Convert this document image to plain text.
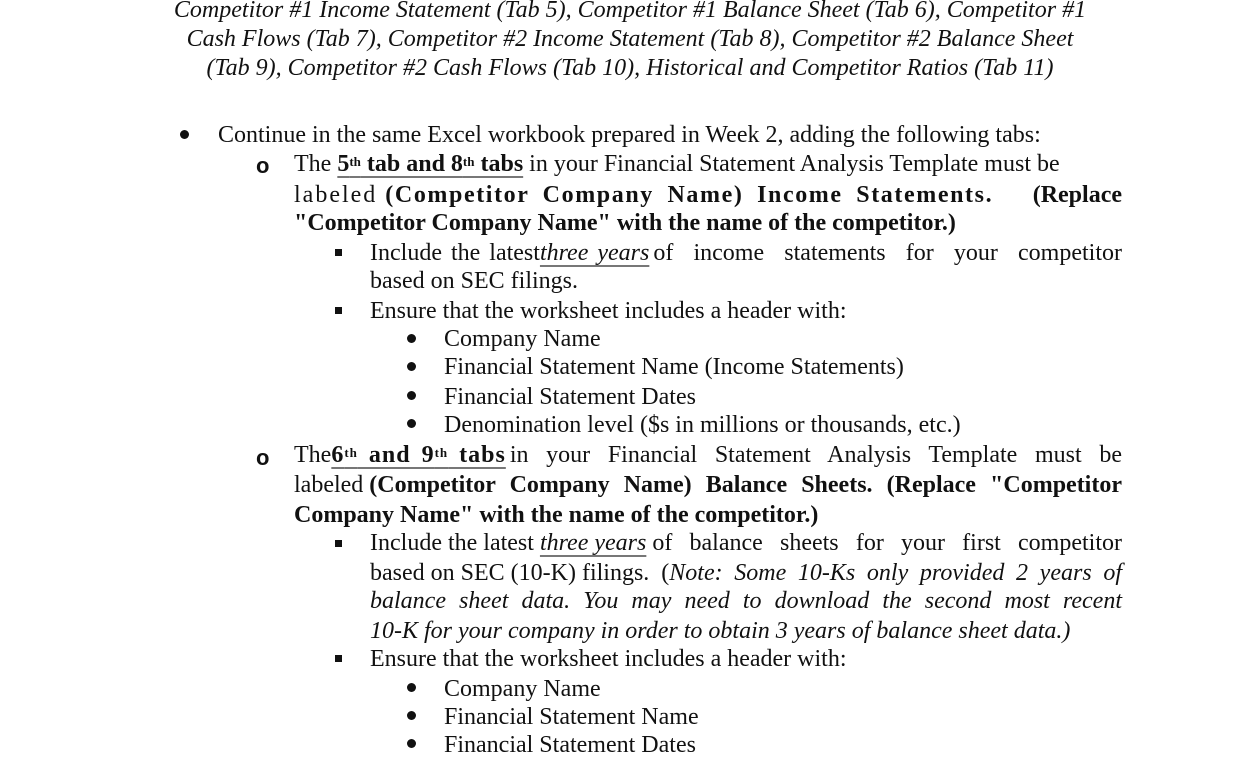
Competitor #1 Income Statement (Tab 5), Competitor #1 Balance Sheet (Tab 6), Competitor #1
Cash Flows (Tab 7), Competitor #2 Income Statement (Tab 8), Competitor #2 Balance Sheet
(Tab 9), Competitor #2 Cash Flows (Tab 10), Historical and Competitor Ratios (Tab 11)
Continue in the same Excel workbook prepared in Week 2, adding the following tabs:
o The 5th tab and 8th tabs in your Financial Statement Analysis Template must be
labeled (Competitor Company Name) Income Statements. (Replace
"Competitor Company Name" with the name of the competitor.)
Include the latest three years of income statements for your competitor
based on SEC filings.
Ensure that the worksheet includes a header with:
Company Name
Financial Statement Name (Income Statements)
Financial Statement Dates
Denomination level ($s in millions or thousands, etc.)
o The 6th and 9th tabs in your Financial Statement Analysis Template must be
labeled (Competitor Company Name) Balance Sheets. (Replace "Competitor
Company Name" with the name of the competitor.)
Include the latest three years of balance sheets for your first competitor
based on SEC (10-K) filings.  ( Note: Some 10-Ks only provided 2 years of
balance sheet data. You may need to download the second most recent
10-K for your company in order to obtain 3 years of balance sheet data.)
Ensure that the worksheet includes a header with:
Company Name
Financial Statement Name
Financial Statement Dates
